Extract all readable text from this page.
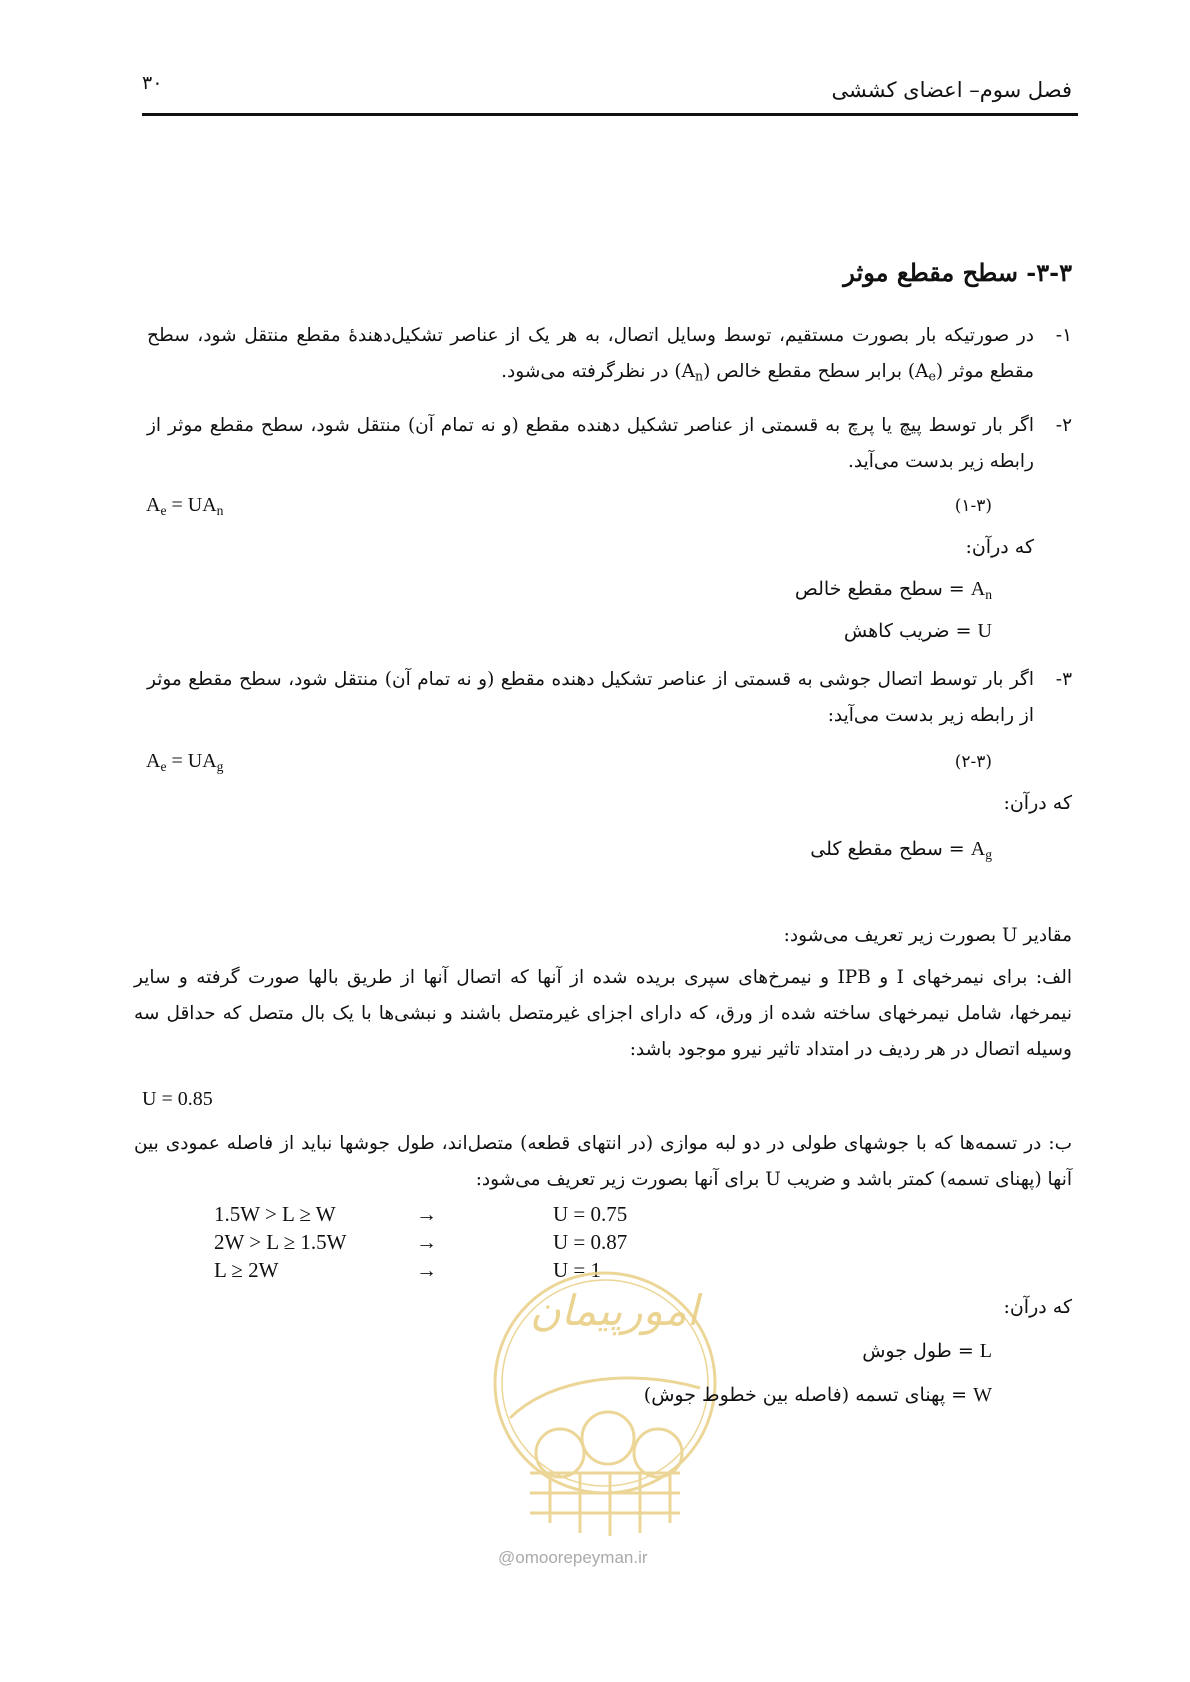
فصل سوم– اعضای کششی
۳۰
۳-۳- سطح مقطع موثر
۱-
در صورتیکه بار بصورت مستقیم، توسط وسایل اتصال، به هر یک از عناصر تشکیل‌دهندهٔ مقطع منتقل شود، سطح مقطع موثر $(A_e)$ برابر سطح مقطع خالص $(A_n)$ در نظرگرفته می‌شود.
۲-
اگر بار توسط پیچ یا پرچ به قسمتی از عناصر تشکیل دهنده مقطع (و نه تمام آن) منتقل شود، سطح مقطع موثر از رابطه زیر بدست می‌آید.
$A_e = UA_n$	(۱-۳)
که درآن:
$A_n$ = سطح مقطع خالص
U = ضریب کاهش
۳-
اگر بار توسط اتصال جوشی به قسمتی از عناصر تشکیل دهنده مقطع (و نه تمام آن) منتقل شود، سطح مقطع موثر از رابطه زیر بدست می‌آید:
$A_e = UA_g$	(۲-۳)
که درآن:
$A_g$ = سطح مقطع کلی
مقادیر U بصورت زیر تعریف می‌شود:
الف: برای نیمرخهای I و IPB و نیمرخ‌های سپری بریده شده از آنها که اتصال آنها از طریق بالها صورت گرفته و سایر نیمرخها، شامل نیمرخهای ساخته شده از ورق، که دارای اجزای غیرمتصل باشند و نبشی‌ها با یک بال متصل که حداقل سه وسیله اتصال در هر ردیف در امتداد تاثیر نیرو موجود باشد:
U = 0.85
ب: در تسمه‌ها که با جوشهای طولی در دو لبه موازی (در انتهای قطعه) متصل‌اند، طول جوشها نباید از فاصله عمودی بین آنها (پهنای تسمه) کمتر باشد و ضریب U برای آنها بصورت زیر تعریف می‌شود:
1.5W > L ≥ W	→	U = 0.75
2W > L ≥ 1.5W	→	U = 0.87
L ≥ 2W	→	U = 1
که درآن:
امورپیمان
@omoorepeyman.ir
L = طول جوش
W = پهنای تسمه (فاصله بین خطوط جوش)
